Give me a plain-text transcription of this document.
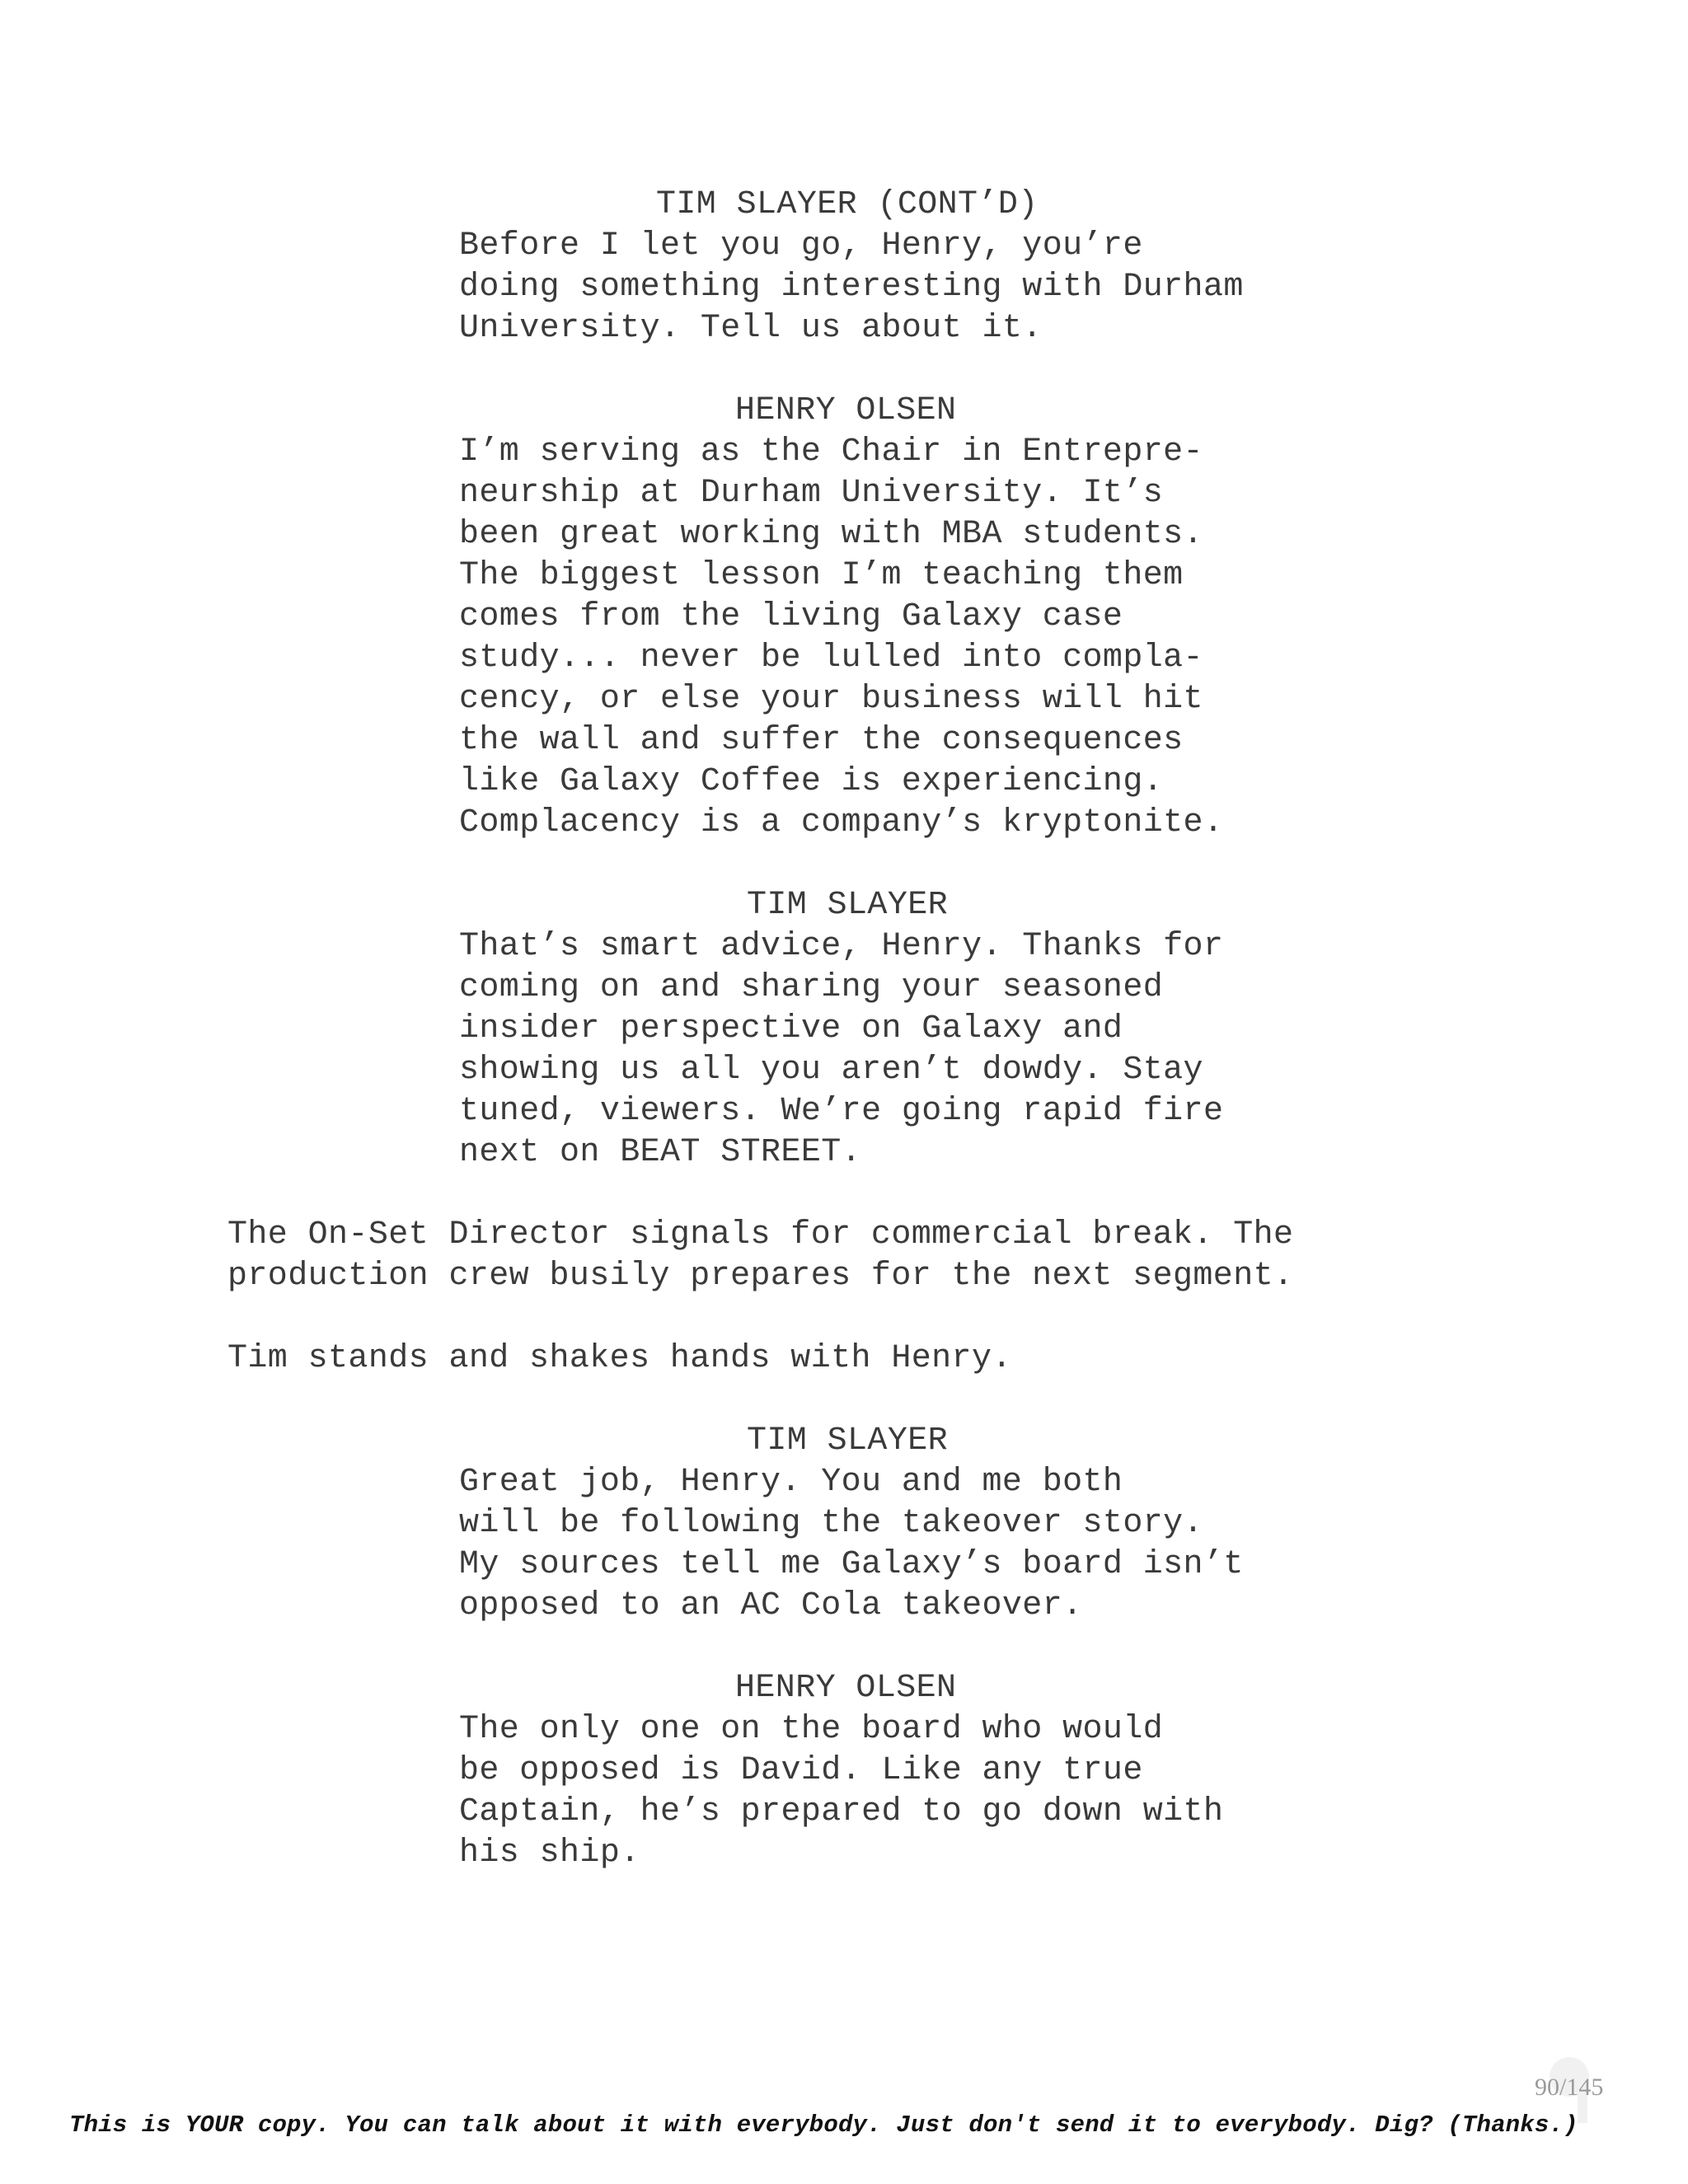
TIM SLAYER (CONT’D)

Before I let you go, Henry, you’re

doing something interesting with Durham

University. Tell us about it.

HENRY OLSEN

I’m serving as the Chair in Entrepre-

neurship at Durham University. It’s

been great working with MBA students.

The biggest lesson I’m teaching them

comes from the living Galaxy case

study... never be lulled into compla-

cency, or else your business will hit

the wall and suffer the consequences

like Galaxy Coffee is experiencing.

Complacency is a company’s kryptonite.

TIM SLAYER

That’s smart advice, Henry. Thanks for

coming on and sharing your seasoned

insider perspective on Galaxy and

showing us all you aren’t dowdy. Stay

tuned, viewers. We’re going rapid fire

next on BEAT STREET.

The On-Set Director signals for commercial break. The

production crew busily prepares for the next segment.

Tim stands and shakes hands with Henry.

TIM SLAYER

Great job, Henry. You and me both

will be following the takeover story.

My sources tell me Galaxy’s board isn’t

opposed to an AC Cola takeover.

HENRY OLSEN

The only one on the board who would

be opposed is David. Like any true

Captain, he’s prepared to go down with

his ship.

90/145
This is YOUR copy. You can talk about it with everybody. Just don't send it to everybody. Dig? (Thanks.)
